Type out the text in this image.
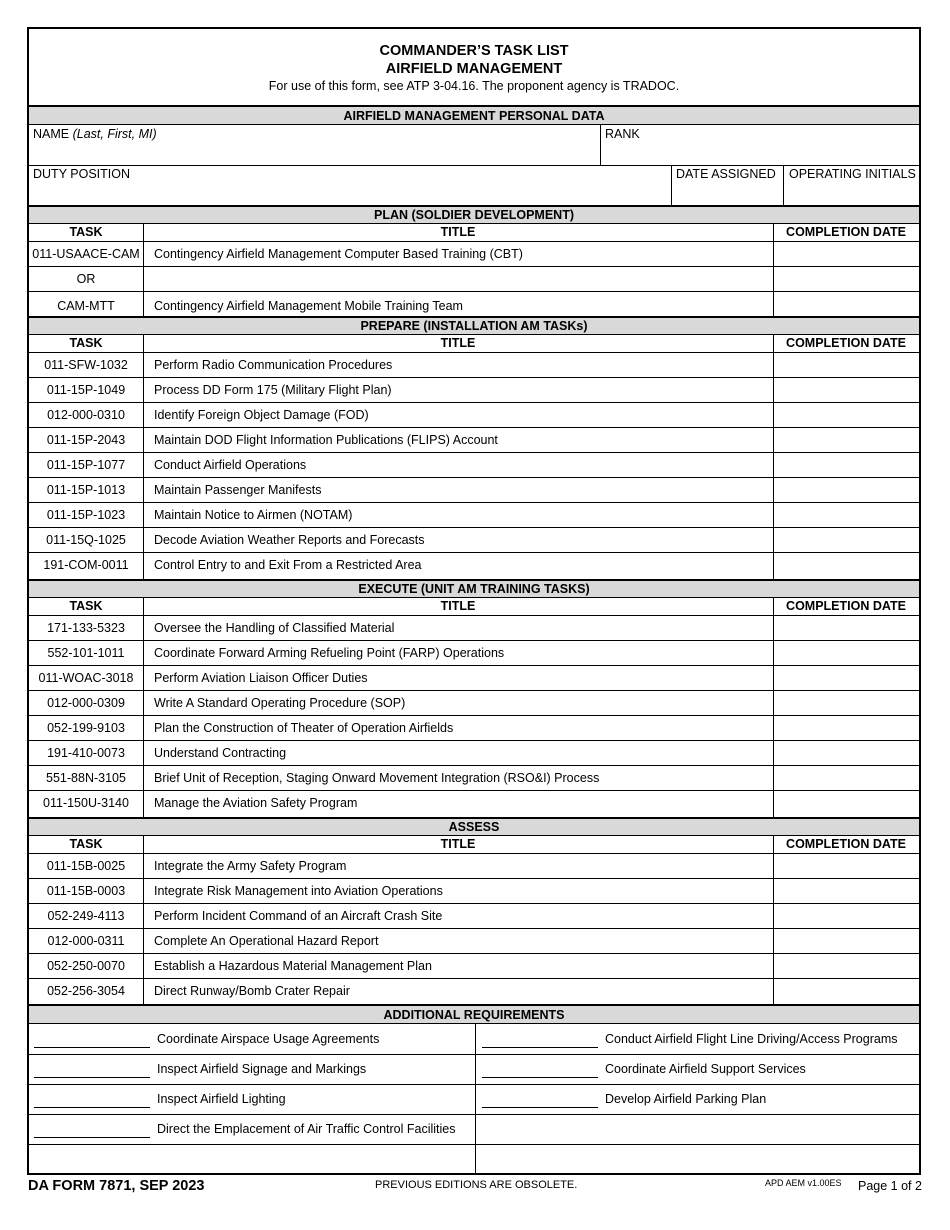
COMMANDER’S TASK LIST
AIRFIELD MANAGEMENT
For use of this form, see ATP 3-04.16. The proponent agency is TRADOC.
AIRFIELD MANAGEMENT PERSONAL DATA
NAME (Last, First, MI)	RANK
DUTY POSITION	DATE ASSIGNED OPERATING INITIALS
PLAN (SOLDIER DEVELOPMENT)
TASK	TITLE	COMPLETION DATE
011-USAACE-CAM Contingency Airfield Management Computer Based Training (CBT)
OR
CAM-MTT	Contingency Airfield Management Mobile Training Team
PREPARE (INSTALLATION AM TASKs)
TASK	TITLE	COMPLETION DATE
011-SFW-1032	Perform Radio Communication Procedures
011-15P-1049	Process DD Form 175 (Military Flight Plan)
012-000-0310	Identify Foreign Object Damage (FOD)
011-15P-2043	Maintain DOD Flight Information Publications (FLIPS) Account
011-15P-1077	Conduct Airfield Operations
011-15P-1013	Maintain Passenger Manifests
011-15P-1023	Maintain Notice to Airmen (NOTAM)
011-15Q-1025	Decode Aviation Weather Reports and Forecasts
191-COM-0011	Control Entry to and Exit From a Restricted Area
EXECUTE (UNIT AM TRAINING TASKS)
TASK	TITLE	COMPLETION DATE
171-133-5323	Oversee the Handling of Classified Material
552-101-1011	Coordinate Forward Arming Refueling Point (FARP) Operations
011-WOAC-3018	Perform Aviation Liaison Officer Duties
012-000-0309	Write A Standard Operating Procedure (SOP)
052-199-9103	Plan the Construction of Theater of Operation Airfields
191-410-0073	Understand Contracting
551-88N-3105	Brief Unit of Reception, Staging Onward Movement Integration (RSO&I) Process
011-150U-3140	Manage the Aviation Safety Program
ASSESS
TASK	TITLE	COMPLETION DATE
011-15B-0025	Integrate the Army Safety Program
011-15B-0003	Integrate Risk Management into Aviation Operations
052-249-4113	Perform Incident Command of an Aircraft Crash Site
012-000-0311	Complete An Operational Hazard Report
052-250-0070	Establish a Hazardous Material Management Plan
052-256-3054	Direct Runway/Bomb Crater Repair
ADDITIONAL REQUIREMENTS
Coordinate Airspace Usage Agreements
Inspect Airfield Signage and Markings
Inspect Airfield Lighting
Direct the Emplacement of Air Traffic Control Facilities
Conduct Airfield Flight Line Driving/Access Programs
Coordinate Airfield Support Services
Develop Airfield Parking Plan
DA FORM 7871, SEP 2023	PREVIOUS EDITIONS ARE OBSOLETE.	APD AEM v1.00ES Page 1 of 2
